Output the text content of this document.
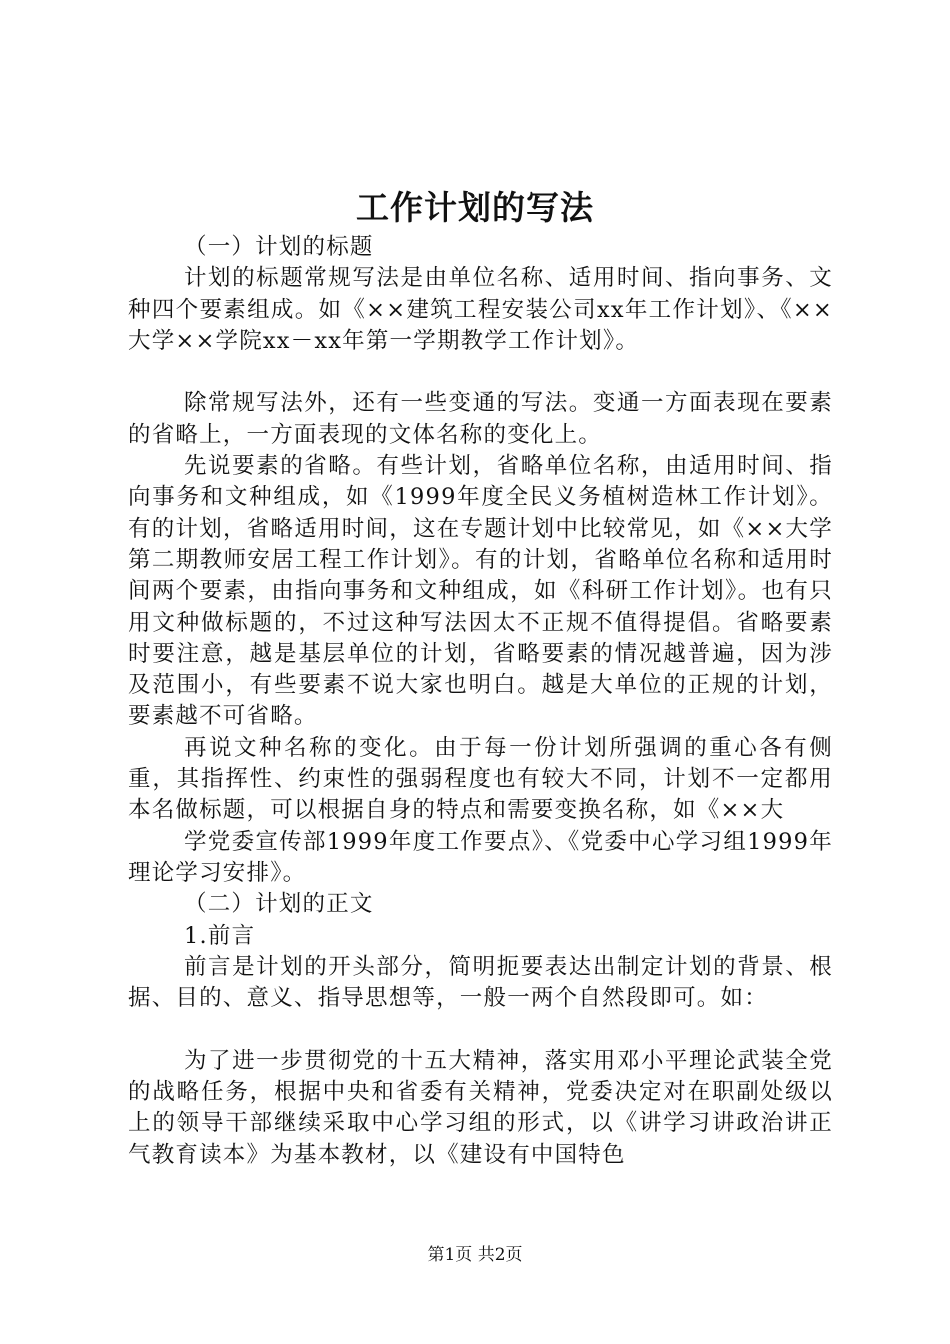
工作计划的写法

（一）计划的标题

计划的标题常规写法是由单位名称、适用时间、指向事务、文种四个要素组成。如《××建筑工程安装公司xx年工作计划》、《××大学××学院xx－xx年第一学期教学工作计划》。

除常规写法外，还有一些变通的写法。变通一方面表现在要素的省略上，一方面表现的文体名称的变化上。

先说要素的省略。有些计划，省略单位名称，由适用时间、指向事务和文种组成，如《1999年度全民义务植树造林工作计划》。有的计划，省略适用时间，这在专题计划中比较常见，如《××大学第二期教师安居工程工作计划》。有的计划，省略单位名称和适用时间两个要素，由指向事务和文种组成，如《科研工作计划》。也有只用文种做标题的，不过这种写法因太不正规不值得提倡。省略要素时要注意，越是基层单位的计划，省略要素的情况越普遍，因为涉及范围小，有些要素不说大家也明白。越是大单位的正规的计划，要素越不可省略。

再说文种名称的变化。由于每一份计划所强调的重心各有侧重，其指挥性、约束性的强弱程度也有较大不同，计划不一定都用本名做标题，可以根据自身的特点和需要变换名称，如《××大

学党委宣传部1999年度工作要点》、《党委中心学习组1999年理论学习安排》。

（二）计划的正文

1.前言

前言是计划的开头部分，简明扼要表达出制定计划的背景、根据、目的、意义、指导思想等，一般一两个自然段即可。如：

为了进一步贯彻党的十五大精神，落实用邓小平理论武装全党的战略任务，根据中央和省委有关精神，党委决定对在职副处级以上的领导干部继续采取中心学习组的形式，以《讲学习讲政治讲正气教育读本》为基本教材，以《建设有中国特色

第1页 共2页
